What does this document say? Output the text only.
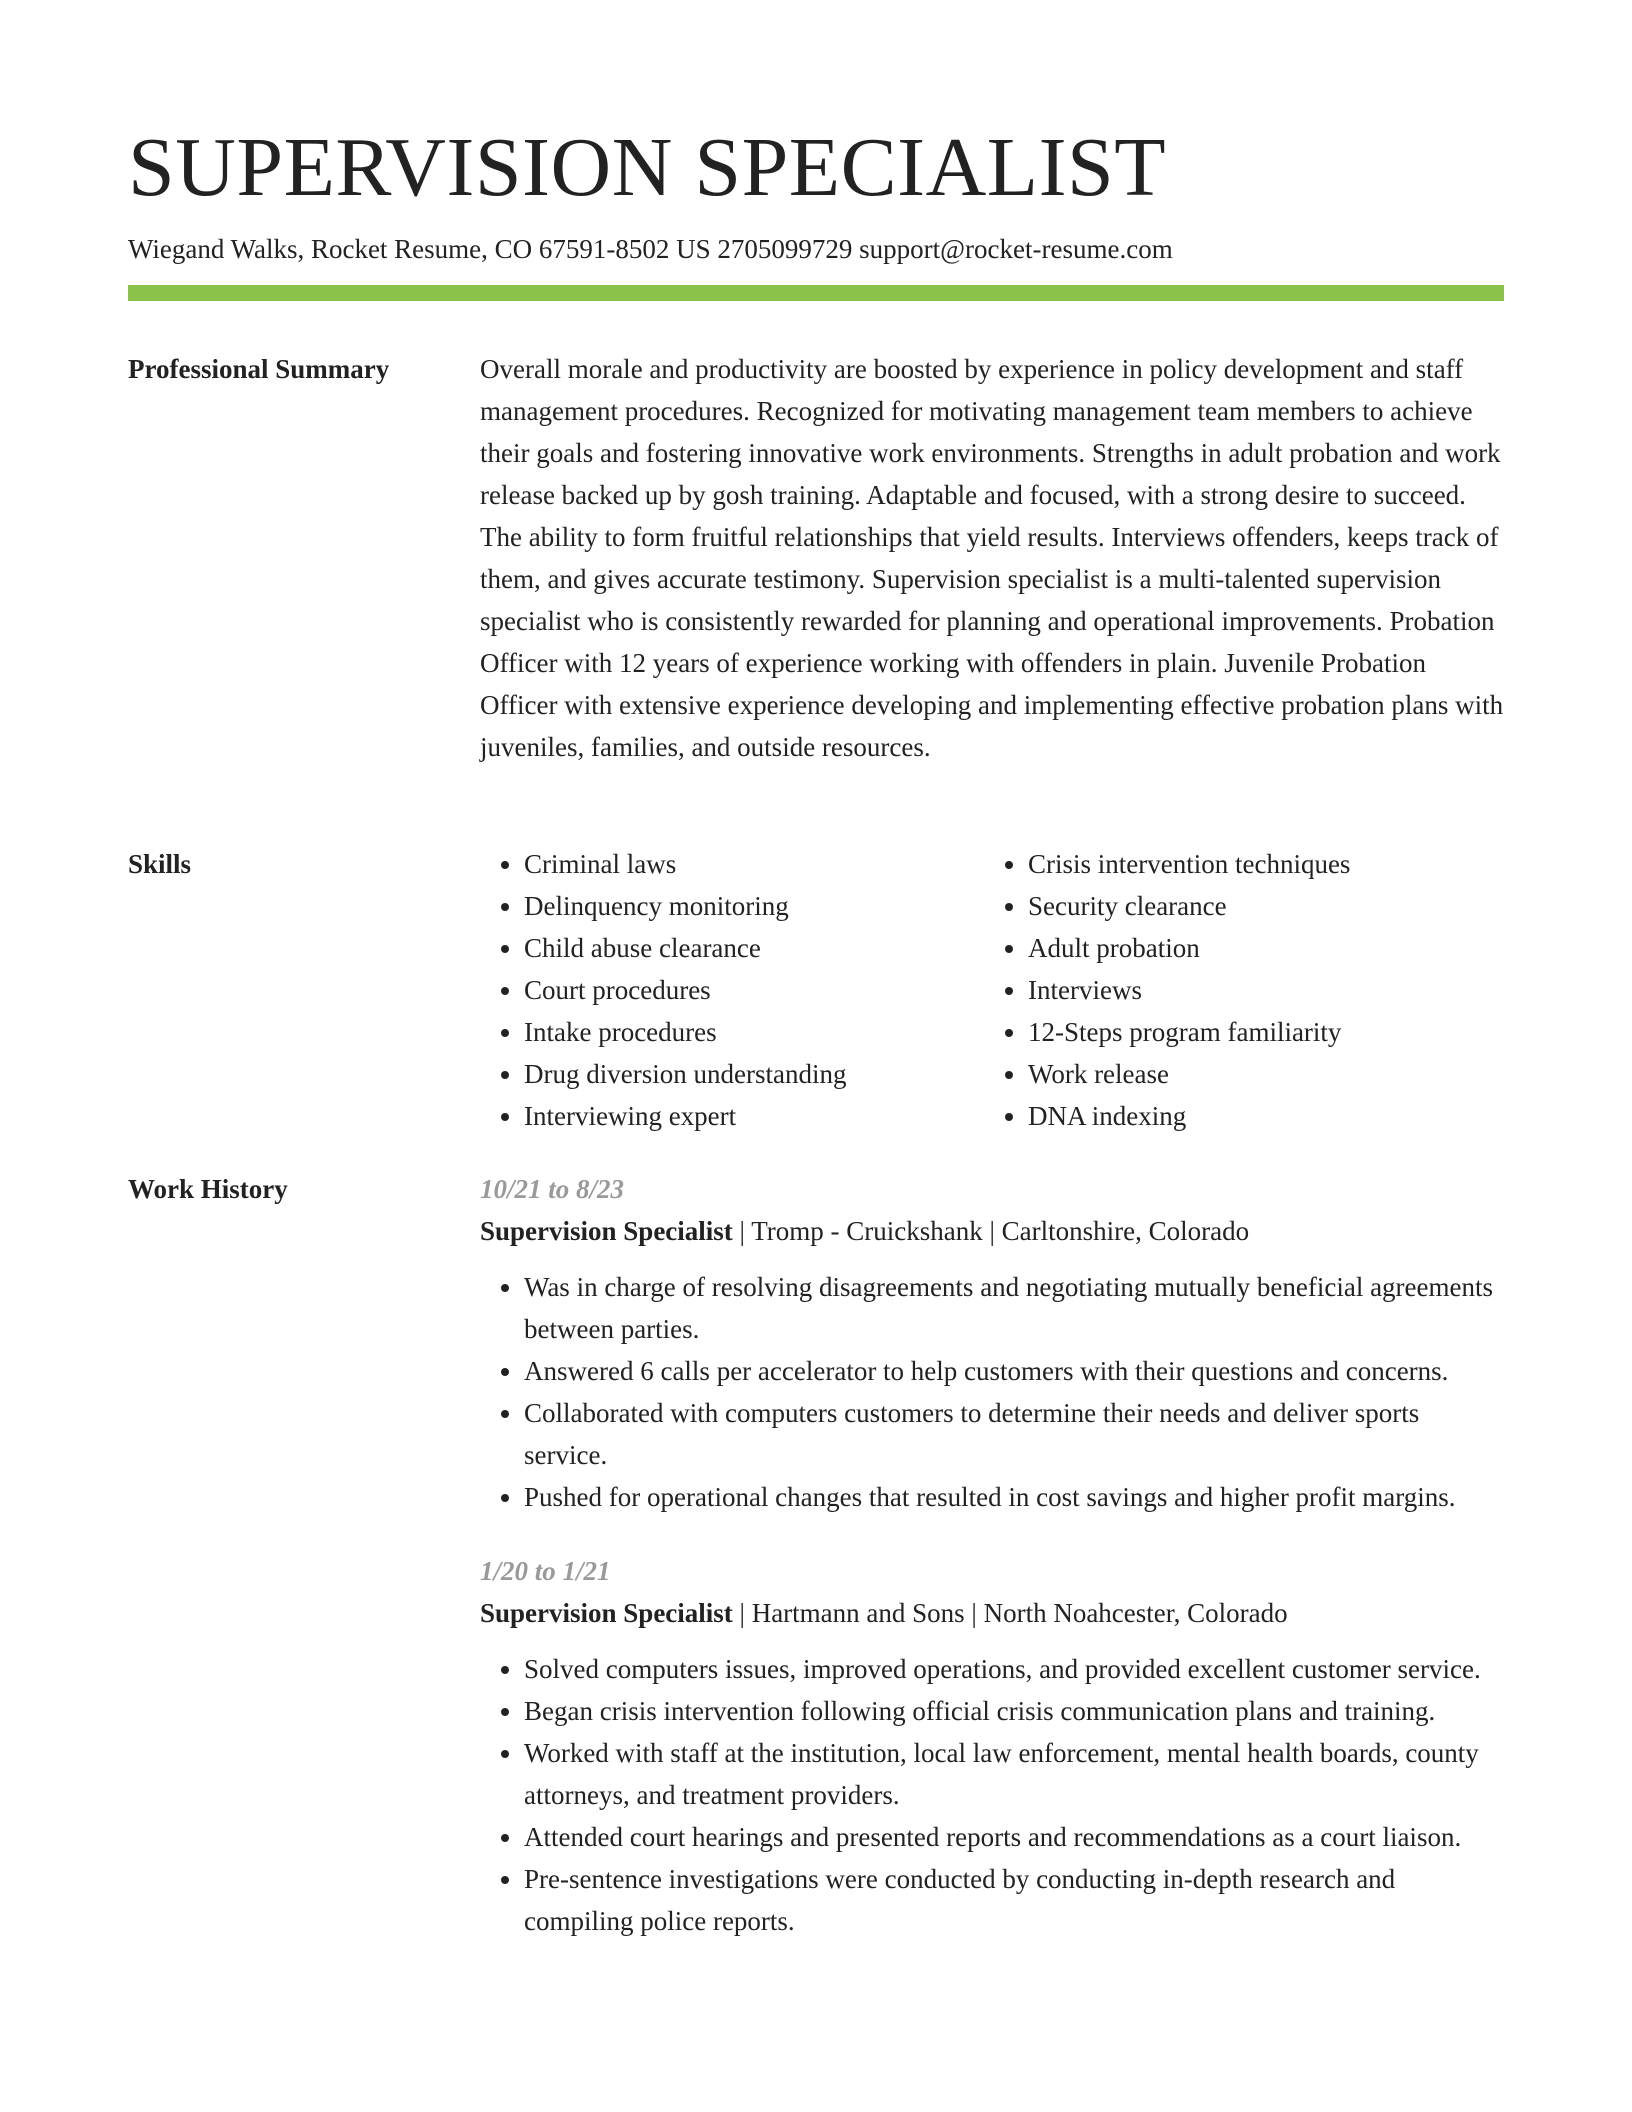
SUPERVISION SPECIALIST
Wiegand Walks, Rocket Resume, CO 67591-8502 US 2705099729 support@rocket-resume.com
Professional Summary	Overall morale and productivity are boosted by experience in policy development and staff management procedures. Recognized for motivating management team members to achieve their goals and fostering innovative work environments. Strengths in adult probation and work release backed up by gosh training. Adaptable and focused, with a strong desire to succeed. The ability to form fruitful relationships that yield results. Interviews offenders, keeps track of them, and gives accurate testimony. Supervision specialist is a multi-talented supervision specialist who is consistently rewarded for planning and operational improvements. Probation Officer with 12 years of experience working with offenders in plain. Juvenile Probation Officer with extensive experience developing and implementing effective probation plans with juveniles, families, and outside resources.

Skills
•	Criminal laws
• Delinquency monitoring
• Child abuse clearance
• Court procedures
• Intake procedures
• Drug diversion understanding
• Interviewing expert
• Crisis intervention techniques
• Security clearance
• Adult probation
• Interviews
• 12-Steps program familiarity
• Work release
• DNA indexing
Work History	10/21 to 8/23
Supervision Specialist | Tromp - Cruickshank | Carltonshire, Colorado
• Was in charge of resolving disagreements and negotiating mutually beneficial agreements between parties.
• Answered 6 calls per accelerator to help customers with their questions and concerns.
• Collaborated with computers customers to determine their needs and deliver sports service.
• Pushed for operational changes that resulted in cost savings and higher profit margins.
1/20 to 1/21
Supervision Specialist | Hartmann and Sons | North Noahcester, Colorado
• Solved computers issues, improved operations, and provided excellent customer service.
• Began crisis intervention following official crisis communication plans and training.
• Worked with staff at the institution, local law enforcement, mental health boards, county attorneys, and treatment providers.
• Attended court hearings and presented reports and recommendations as a court liaison.
• Pre-sentence investigations were conducted by conducting in-depth research and compiling police reports.
